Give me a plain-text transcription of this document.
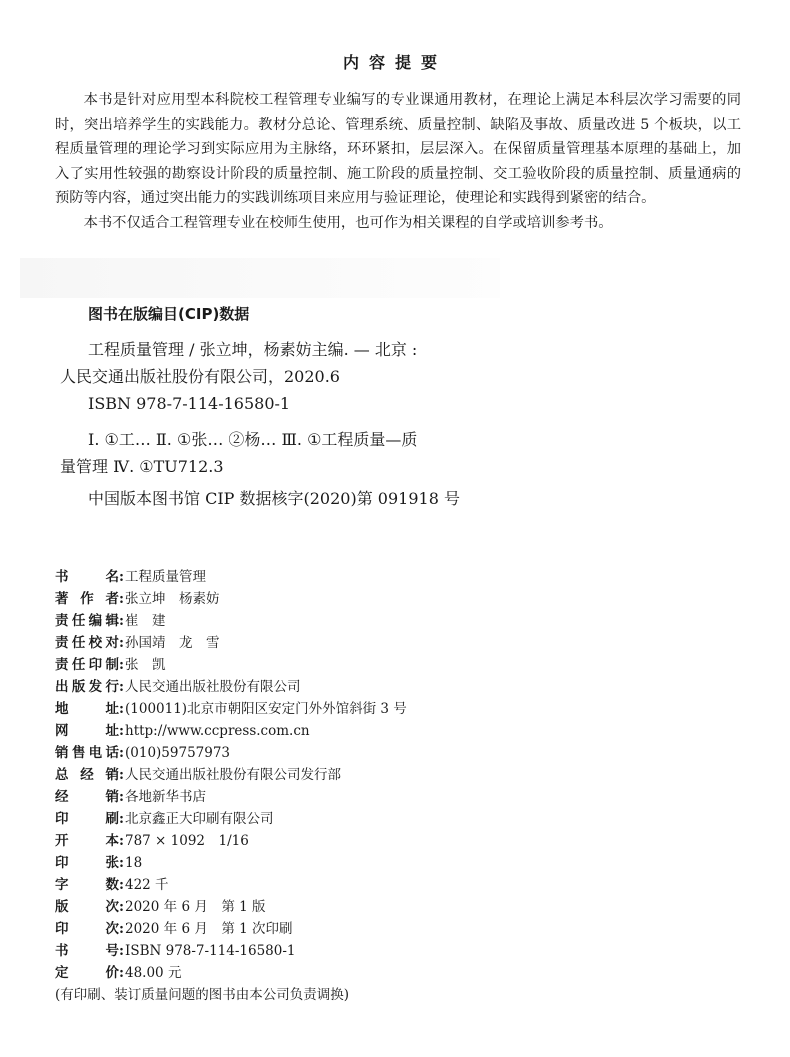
内容提要

本书是针对应用型本科院校工程管理专业编写的专业课通用教材，在理论上满足本科层次学习需要的同时，突出培养学生的实践能力。教材分总论、管理系统、质量控制、缺陷及事故、质量改进 5 个板块，以工程质量管理的理论学习到实际应用为主脉络，环环紧扣，层层深入。在保留质量管理基本原理的基础上，加入了实用性较强的勘察设计阶段的质量控制、施工阶段的质量控制、交工验收阶段的质量控制、质量通病的预防等内容，通过突出能力的实践训练项目来应用与验证理论，使理论和实践得到紧密的结合。

本书不仅适合工程管理专业在校师生使用，也可作为相关课程的自学或培训参考书。

图书在版编目(CIP)数据

工程质量管理 / 张立坤，杨素妨主编. — 北京 :

人民交通出版社股份有限公司，2020.6

ISBN 978-7-114-16580-1

Ⅰ. ①工… Ⅱ. ①张… ②杨… Ⅲ. ①工程质量—质

量管理 Ⅳ. ①TU712.3

中国版本图书馆 CIP 数据核字(2020)第 091918 号

书名 : 工程质量管理
著作者 : 张立坤　杨素妨
责任编辑 : 崔　建
责任校对 : 孙国靖　龙　雪
责任印制 : 张　凯
出版发行 : 人民交通出版社股份有限公司
地址 : (100011)北京市朝阳区安定门外外馆斜街 3 号
网址 : http://www.ccpress.com.cn
销售电话 : (010)59757973
总经销 : 人民交通出版社股份有限公司发行部
经销 : 各地新华书店
印刷 : 北京鑫正大印刷有限公司
开本 : 787 × 1092　1/16
印张 : 18
字数 : 422 千
版次 : 2020 年 6 月　第 1 版
印次 : 2020 年 6 月　第 1 次印刷
书号 : ISBN 978-7-114-16580-1
定价 : 48.00 元
(有印刷、装订质量问题的图书由本公司负责调换)
